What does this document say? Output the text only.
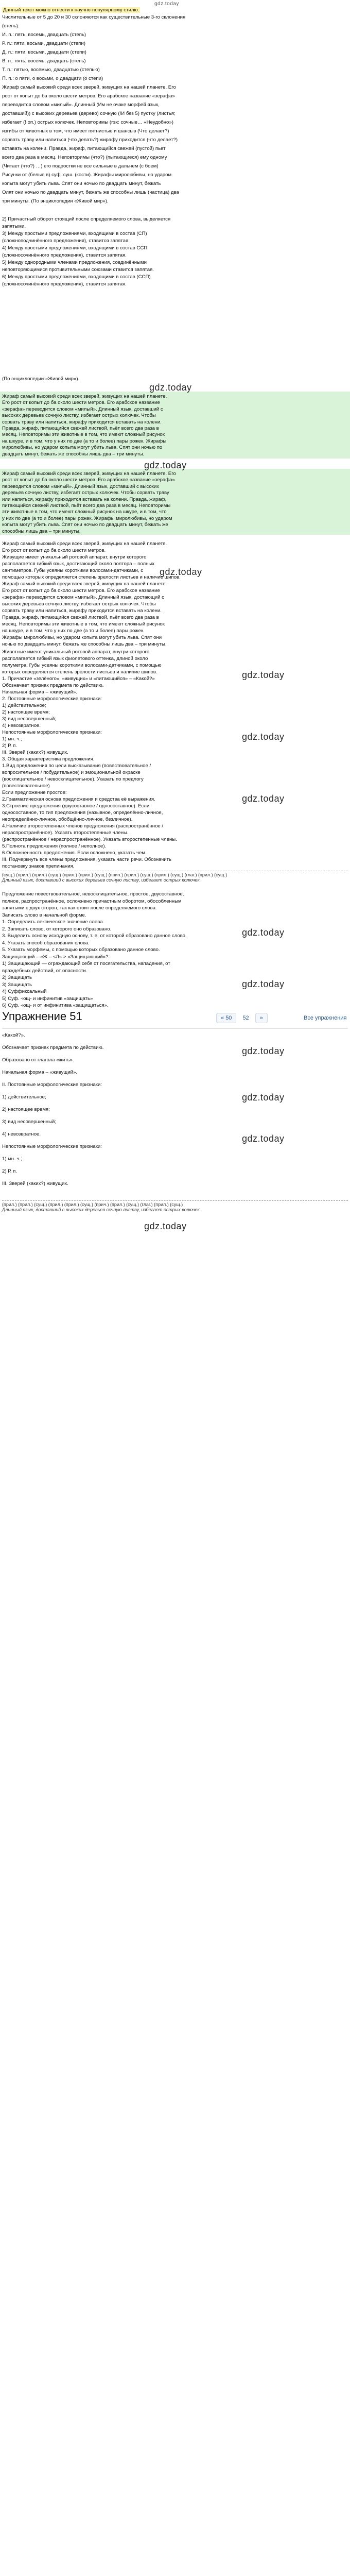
gdz.today
Данный текст можно отнести к научно-популярному стилю.
Числительные от 5 до 20 и 30 склоняются как существительные 3-го склонения
(степь):
И. п.: пять, восемь, двадцать (степь)
Р. п.: пяти, восьми, двадцати (степи)
Д. п.: пяти, восьми, двадцати (степи)
В. п.: пять, восемь, двадцать (степь)
Т. п.: пятью, восемью, двадцатью (степью)
П. п.: о пяти, о восьми, о двадцати (о степи)
Жираф самый высокий среди всех зверей, живущих на нашей планете. Его
рост от копыт до ба около шести метров. Его арабское название «зерафа»
переводится словом «милый». Длинный (Им не очаке морфей язык,
доставший)) с высоких деревьев (дерево) сочную (!И без 5) пустку (листья;
избегает (! оп.) острых колючек. Неповторимы (гэх: сочные… «Неудобно»)
изгибы от животных в том, что имеет пятнистые и шансыв (Что делает?)
сорвать траву или напиться (что делать?) жирафу приходится (что делает?)
вставать на колени. Правда, жираф, питающийся свежей (пустой) пьет
всего два раза в месяц. Неповторимы (что?) (пытающиеся) ему одному
(Читает (что?) …) его подростки не все сильные в дальнем (с боем)
Рисунки от (белые в) суф. суш. (кости). Жирафы миролюбивы, но ударом
копыта могут убить льва. Спят они ночью по двадцать минут, бежать
Олят они ночью по двадцать минут, бежать же способны лишь (частица) два
три минуты. (По энциклопедии «Живой мир»).
2) Причастный оборот стоящий после определяемого слова, выделяется
запятыми.
3) Между простыми предложениями, входящими в состав (СП)
(сложноподчинённого предложения), ставится запятая.
4) Между простыми предложениями, входящими в состав ССП
(сложносочинённого предложения), ставится запятая.
5) Между однородными членами предложения, соединёнными
неповторяющимися противительными союзами ставится запятая.
6) Между простыми предложениями, входящими в состав (ССП)
(сложносочинённого предложения), ставится запятая.
(По энциклопедии «Живой мир»).
Жираф самый высокий среди всех зверей, живущих на нашей планете.
Его рост от копыт до ба около шести метров. Его арабское название
«зерафа» переводится словом «милый». Длинный язык, доставший с
высоких деревьев сочную листву, избегает острых колючек. Чтобы
сорвать траву или напиться, жирафу приходится вставать на колени.
Правда, жираф, питающийся свежей листвой, пьёт всего два раза в
месяц. Неповторимы эти животные в том, что имеют сложный рисунок
на шкуре, и в том, что у них по две (а то и более) пары рожек. Жирафы
миролюбивы, но ударом копыта могут убить льва. Спят они ночью по
двадцать минут, бежать же способны лишь два – три минуты.
gdz.today
Жираф самый высокий среди всех зверей, живущих на нашей планете. Его
рост от копыт до ба около шести метров. Его арабское название «зерафа»
переводится словом «милый». Длинный язык, доставший с высоких
деревьев сочную листву, избегает острых колючек. Чтобы сорвать траву
или напиться, жирафу приходится вставать на колени. Правда, жираф,
питающийся свежей листвой, пьёт всего два раза в месяц. Неповторимы
эти животные в том, что имеют сложный рисунок на шкуре, и в том, что
у них по две (а то и более) пары рожек. Жирафы миролюбивы, но ударом
копыта могут убить льва. Спят они ночью по двадцать минут, бежать же
способны лишь два – три минуты.
gdz.today
Жираф самый высокий среди всех зверей, живущих на нашей планете.
Его рост от копыт до ба около шести метров.
Живущие имеет уникальный ротовой аппарат, внутри которого
располагается гибкий язык, достигающий около полтора – полных
сантиметров. Губы усеяны короткими волосами-датчиками, с
помощью которых определяется степень зрелости листьев и наличие шипов.
Жираф самый высокий среди всех зверей, живущих на нашей планете.
Его рост от копыт до ба около шести метров. Его арабское название
«зерафа» переводится словом «милый». Длинный язык, достающий с
высоких деревьев сочную листву, избегает острых колючек. Чтобы
сорвать траву или напиться, жирафу приходится вставать на колени.
Правда, жираф, питающийся свежей листвой, пьёт всего два раза в
месяц. Неповторимы эти животные в том, что имеют сложный рисунок
на шкуре, и в том, что у них по две (а то и более) пары рожек.
Жирафы миролюбивы, но ударом копыта могут убить льва. Спят они
ночью по двадцать минут, бежать же способны лишь два – три минуты.
gdz.today
Животные имеют уникальный ротовой аппарат, внутри которого
располагается гибкий язык фиолетового оттенка, длиной около
полуметра. Губы усеяны короткими волосами-датчиками, с помощью
которых определяется степень зрелости листьев и наличие шипов.
1. Причастие «зелёного», «живущих» и «питающийся» – «Какой?»
Обозначает признак предмета по действию.
Начальная форма – «живущий».
2. Постоянные морфологические признаки:
1) действительное;
2) настоящее время;
3) вид несовершенный;
4) невозвратное.
Непостоянные морфологические признаки:
1) мн. ч.;
2) Р. п.
III. Зверей (каких?) живущих.
3. Общая характеристика предложения.
1.Вид предложения по цели высказывания (повествовательное /
вопросительное / побудительное) и эмоциональной окраске
(восклицательное / невосклицательное). Указать по предлогу
(повествовательное)
Если предложение простое:
2.Грамматическая основа предложения и средства её выражения.
3.Строение предложения (двусоставное / односоставное). Если
односоставное, то тип предложения (назывное, определённо-личное,
неопределённо-личное, обобщённо-личное, безличное).
4.Наличие второстепенных членов предложения (распространённое /
нераспространённое). Указать второстепенные члены.
(распространённое / нераспространённое). Указать второстепенные члены.
5.Полнота предложения (полное / неполное).
6.Осложнённость предложения. Если осложнено, указать чем.
III. Подчеркнуть все члены предложения, указать части речи. Обозначить
постановку знаков препинания.
gdz.today
gdz.today
gdz.today
(сущ.) (прил.) (прил.) (сущ.) (прил.) (прил.) (сущ.) (прич.) (прил.) (сущ.) (прил.) (сущ.) (глаг.) (прил.) (сущ.)
Длинный язык, доставший с высоких деревьев сочную листву, избегает острых колючек.
Предложение повествовательное, невосклицательное, простое, двусоставное,
полное, распространённое, осложнено причастным оборотом, обособленным
запятыми с двух сторон, так как стоит после определяемого слова.
Записать слово в начальной форме.
1. Определить лексическое значение слова.
2. Записать слово, от которого оно образовано.
3. Выделить основу исходную основу, т. е, от которой образовано данное слово.
4. Указать способ образования слова.
5. Указать морфемы, с помощью которых образовано данное слово.
Защищающий – «Ж – <Л» > «Защищающий»?
1) Защищающий — ограждающий себя от посягательства, нападения, от
враждебных действий, от опасности.
2) Защищать
3) Защищать
4) Суффиксальный
5) Суф. -ющ- и инфинитив «защищать»
6) Суф. -ющ- и от инфинитива «защищаться».
gdz.today
gdz.today
Упражнение 51	« 50	52	»	Все упражнения
«Какой?».
Обозначает признак предмета по действию.
Образовано от глагола «жить».
Начальная форма – «живущий».
II. Постоянные морфологические признаки:
1) действительное;
2) настоящее время;
3) вид несовершенный;
4) невозвратное.
Непостоянные морфологические признаки:
1) мн. ч.;
2) Р. п.
III. Зверей (каких?) живущих.
gdz.today
gdz.today
gdz.today
(прил.) (прил.) (сущ.) (прил.) (прил.) (сущ.) (прич.) (прил.) (сущ.) (глаг.) (прил.) (сущ.)
Длинный язык, доставший с высоких деревьев сочную листву, избегает острых колючек.
gdz.today
